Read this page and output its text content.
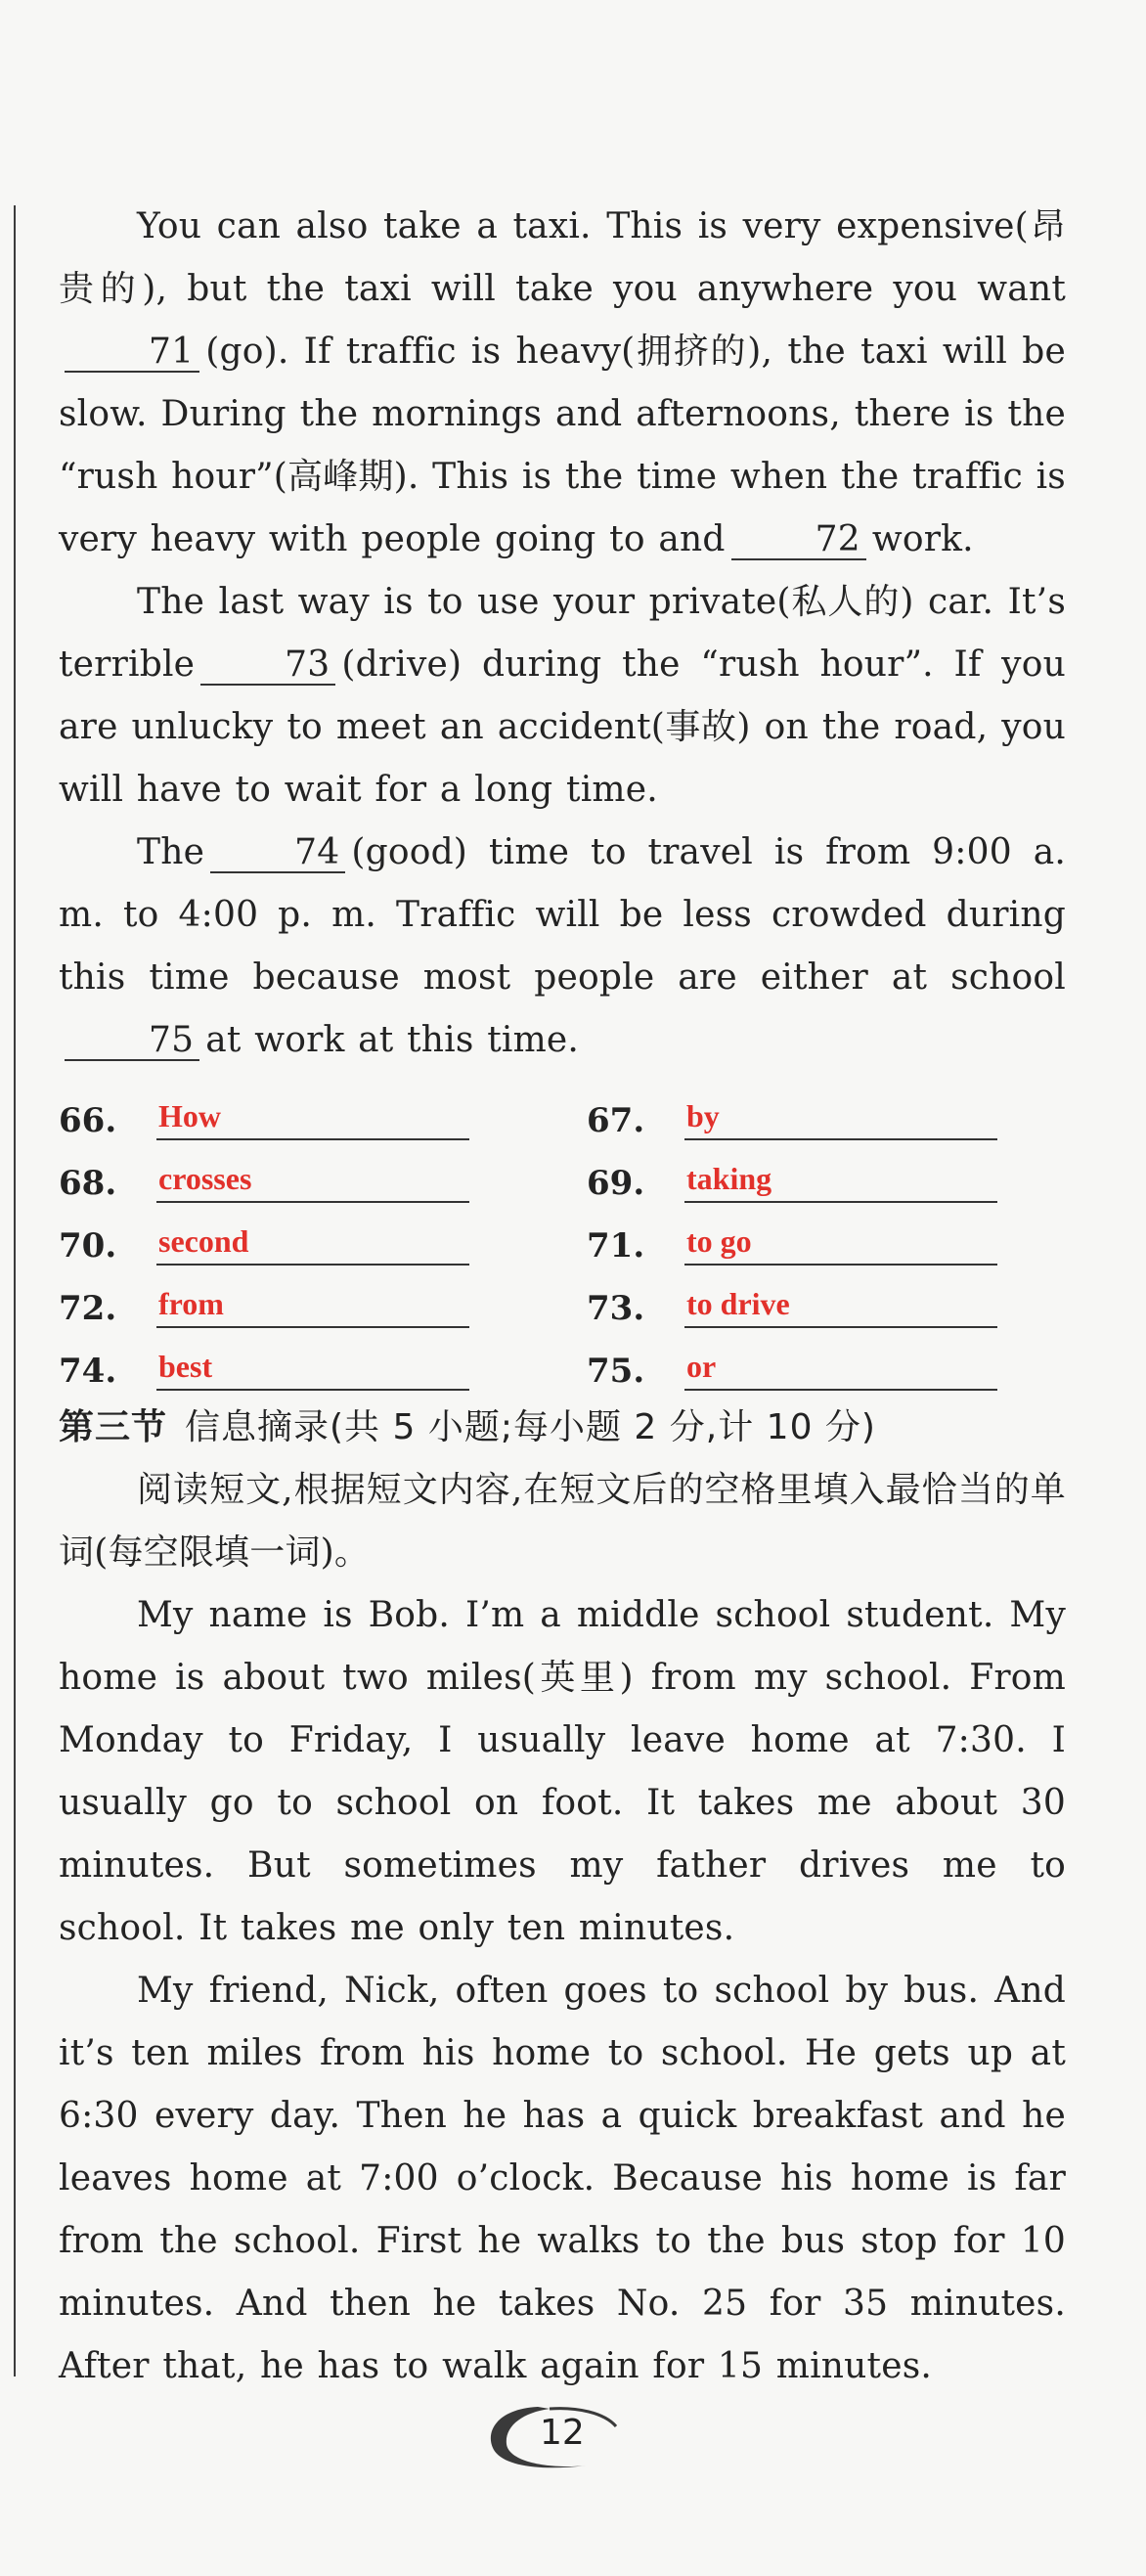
You can also take a taxi. This is very expensive(昂贵的), but the taxi will take you anywhere you want71 (go). If traffic is heavy(拥挤的), the taxi will be slow. During the mornings and afternoons, there is the “rush hour”(高峰期). This is the time when the traffic is very heavy with people going to and	72 work.

The last way is to use your private(私人的) car. It’s terrible	73 (drive) during the “rush hour”. If you are unlucky to meet an accident(事故) on the road, you will have to wait for a long time.

The	74 (good) time to travel is from 9:00 a. m. to 4:00 p. m. Traffic will be less crowded during this time because most people are either at school75 at work at this time.

66.	How	67.	by
68.	crosses	69.	taking
70.	second	71.	to go
72.	from	73.	to drive
74.	best	75.	or
第三节 信息摘录(共 5 小题;每小题 2 分,计 10 分)

阅读短文,根据短文内容,在短文后的空格里填入最恰当的单词(每空限填一词)。

My name is Bob. I’m a middle school student. My home is about two miles(英里) from my school. From Monday to Friday, I usually leave home at 7:30. I usually go to school on foot. It takes me about 30 minutes. But sometimes my father drives me to school. It takes me only ten minutes.

My friend, Nick, often goes to school by bus. And it’s ten miles from his home to school. He gets up at 6:30 every day. Then he has a quick breakfast and he leaves home at 7:00 o’clock. Because his home is far from the school. First he walks to the bus stop for 10 minutes. And then he takes No. 25 for 35 minutes. After that, he has to walk again for 15 minutes.

12
